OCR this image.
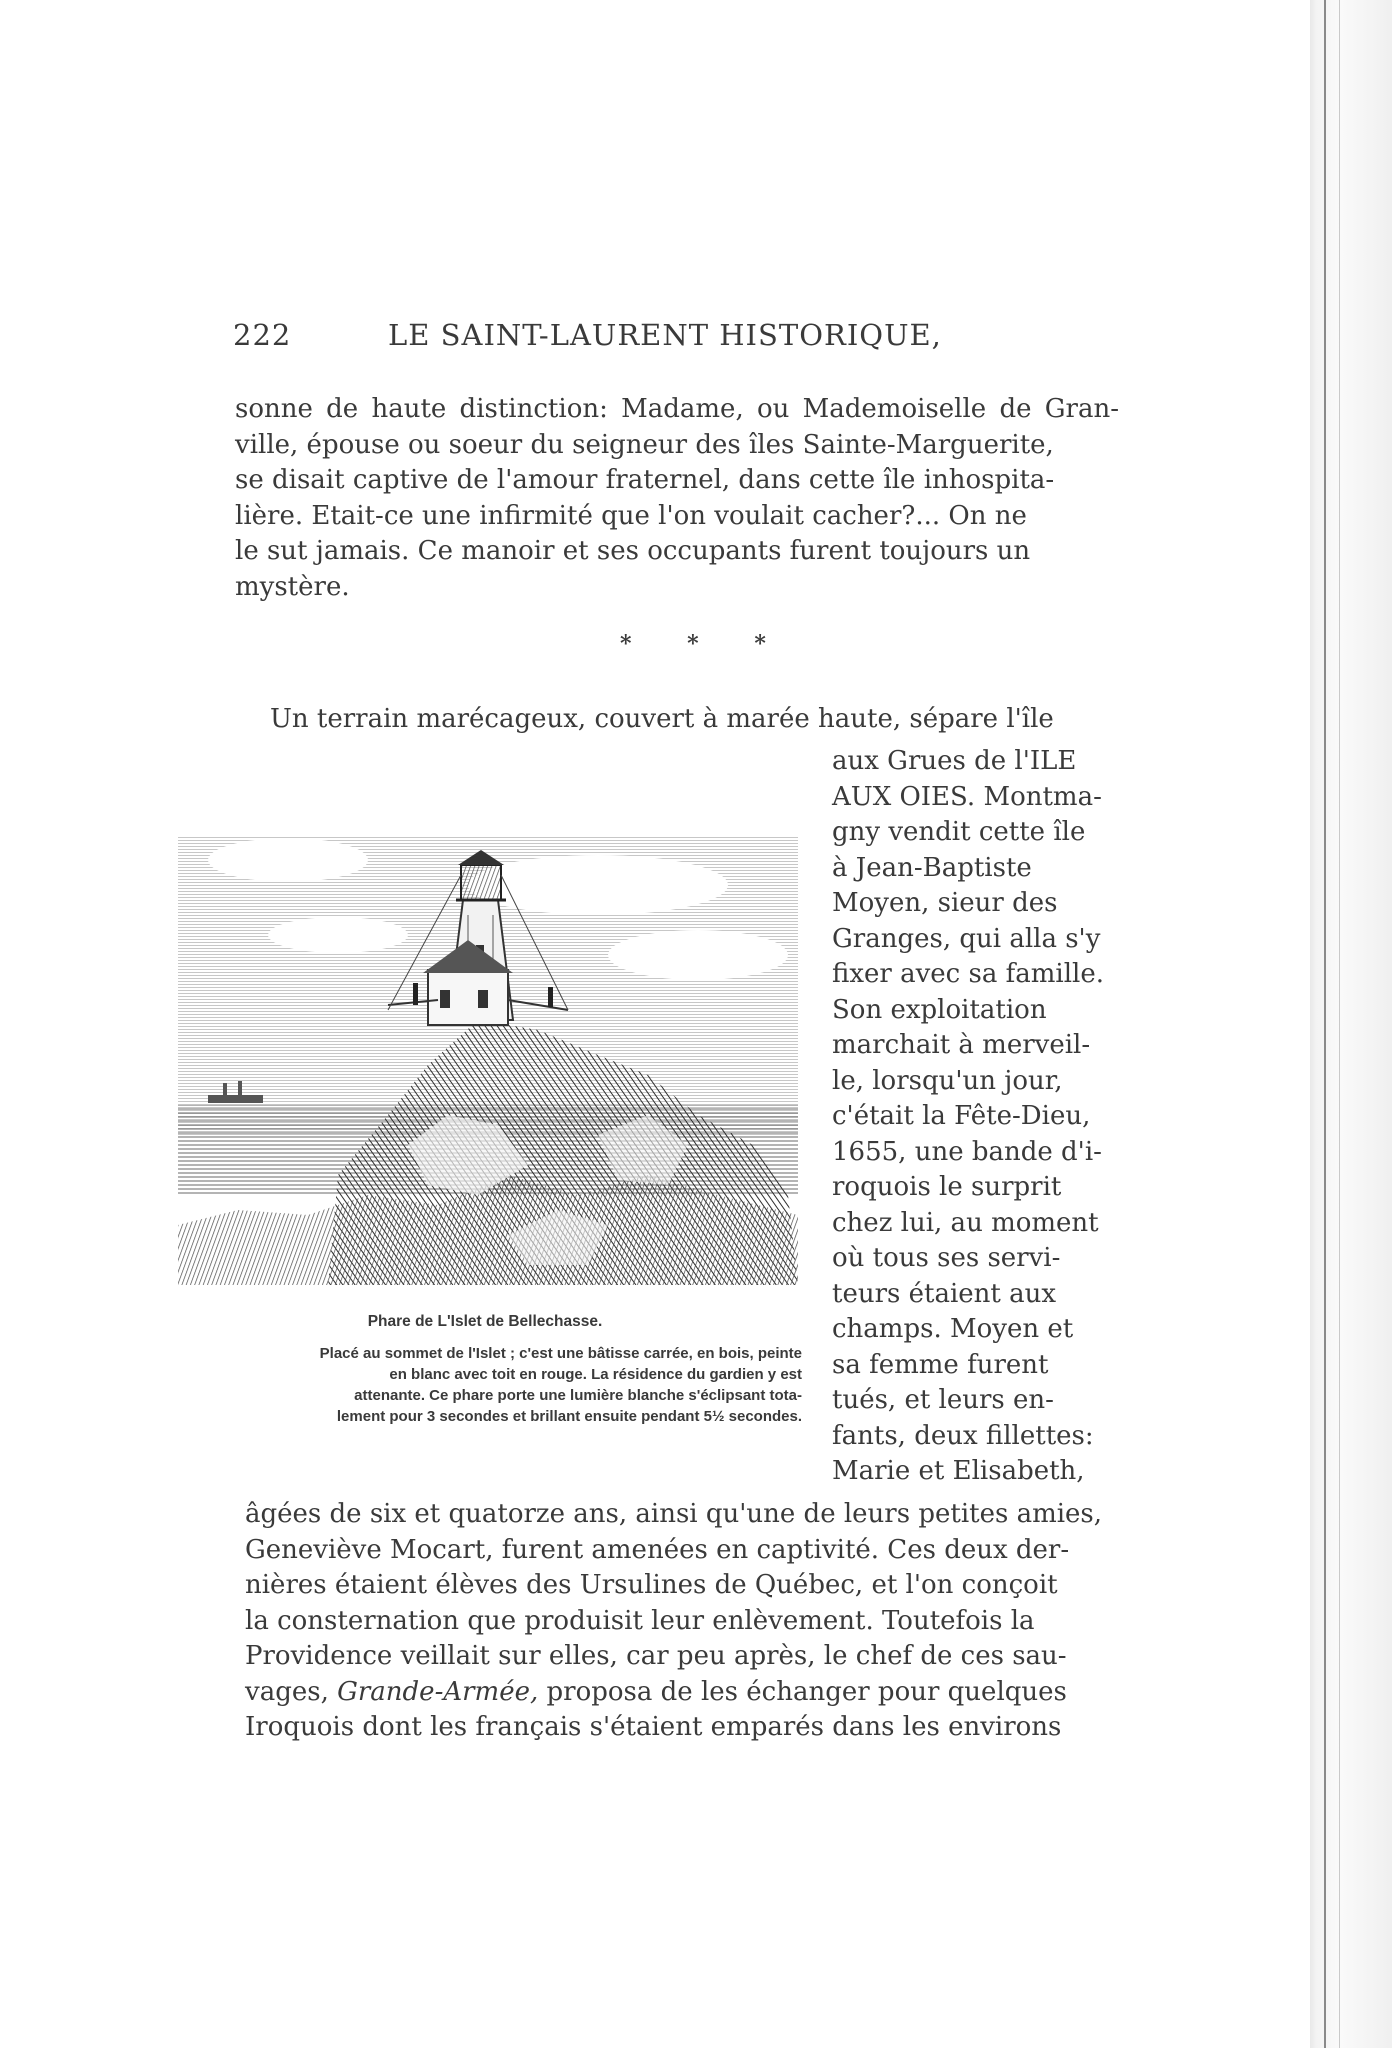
222	LE SAINT-LAURENT HISTORIQUE,
sonne de haute distinction: Madame, ou Mademoiselle de Gran-
ville, épouse ou soeur du seigneur des îles Sainte-Marguerite,
se disait captive de l'amour fraternel, dans cette île inhospita-
lière. Etait-ce une infirmité que l'on voulait cacher?... On ne
le sut jamais. Ce manoir et ses occupants furent toujours un
mystère.
* * *
Un terrain marécageux, couvert à marée haute, sépare l'île
aux Grues de l'ILE
AUX OIES. Montma-
gny vendit cette île
à Jean-Baptiste
Moyen, sieur des
Granges, qui alla s'y
fixer avec sa famille.
Son exploitation
marchait à merveil-
le, lorsqu'un jour,
c'était la Fête-Dieu,
1655, une bande d'i-
roquois le surprit
chez lui, au moment
où tous ses servi-
teurs étaient aux
champs. Moyen et
sa femme furent
tués, et leurs en-
fants, deux fillettes:
Marie et Elisabeth,
Phare de L'Islet de Bellechasse.
Placé au sommet de l'Islet ; c'est une bâtisse carrée, en bois, peinte
en blanc avec toit en rouge. La résidence du gardien y est
attenante. Ce phare porte une lumière blanche s'éclipsant tota-
lement pour 3 secondes et brillant ensuite pendant 5½ secondes.
âgées de six et quatorze ans, ainsi qu'une de leurs petites amies,
Geneviève Mocart, furent amenées en captivité. Ces deux der-
nières étaient élèves des Ursulines de Québec, et l'on conçoit
la consternation que produisit leur enlèvement. Toutefois la
Providence veillait sur elles, car peu après, le chef de ces sau-
vages, Grande-Armée, proposa de les échanger pour quelques
Iroquois dont les français s'étaient emparés dans les environs
